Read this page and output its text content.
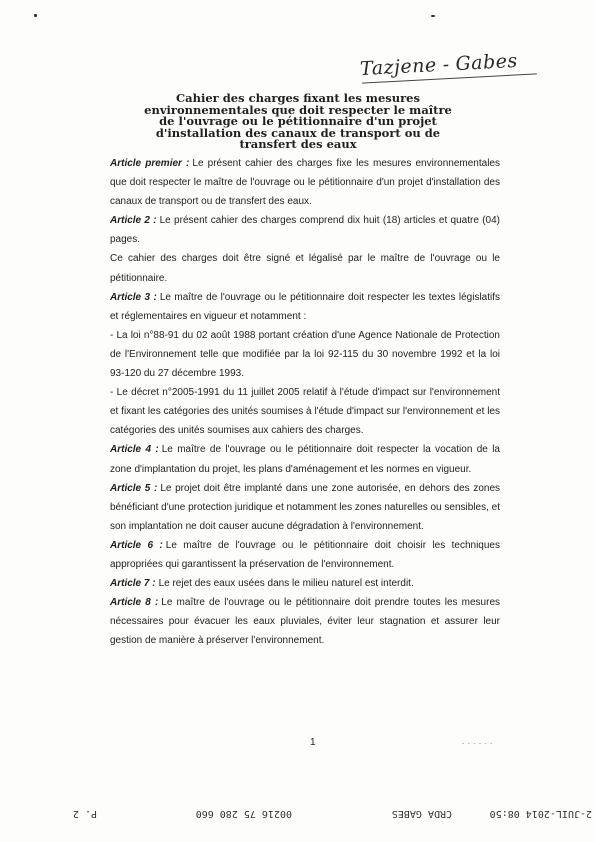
Tazjene - Gabes
Cahier des charges fixant les mesures
environnementales que doit respecter le maître
de l'ouvrage ou le pétitionnaire d'un projet
d'installation des canaux de transport ou de
transfert des eaux

Article premier : Le présent cahier des charges fixe les mesures environnementales que doit respecter le maître de l'ouvrage ou le pétitionnaire d'un projet d'installation des canaux de transport ou de transfert des eaux.

Article 2 : Le présent cahier des charges comprend dix huit (18) articles et quatre (04) pages.

Ce cahier des charges doit être signé et légalisé par le maître de l'ouvrage ou le pétitionnaire.

Article 3 : Le maître de l'ouvrage ou le pétitionnaire doit respecter les textes législatifs et réglementaires en vigueur et notamment :

- La loi n°88-91 du 02 août 1988 portant création d'une Agence Nationale de Protection de l'Environnement telle que modifiée par la loi 92-115 du 30 novembre 1992 et la loi 93-120 du 27 décembre 1993.

- Le décret n°2005-1991 du 11 juillet 2005 relatif à l'étude d'impact sur l'environnement et fixant les catégories des unités soumises à l'étude d'impact sur l'environnement et les catégories des unités soumises aux cahiers des charges.

Article 4 : Le maître de l'ouvrage ou le pétitionnaire doit respecter la vocation de la zone d'implantation du projet, les plans d'aménagement et les normes en vigueur.

Article 5 : Le projet doit être implanté dans une zone autorisée, en dehors des zones bénéficiant d'une protection juridique et notamment les zones naturelles ou sensibles, et son implantation ne doit causer aucune dégradation à l'environnement.

Article 6 : Le maître de l'ouvrage ou le pétitionnaire doit choisir les techniques appropriées qui garantissent la préservation de l'environnement.

Article 7 : Le rejet des eaux usées dans le milieu naturel est interdit.

Article 8 : Le maître de l'ouvrage ou le pétitionnaire doit prendre toutes les mesures nécessaires pour évacuer les eaux pluviales, éviter leur stagnation et assurer leur gestion de manière à préserver l'environnement.

1	- - - - - -
2-JUIL-2014 08:50
CRDA GABES
00216 75 280 660
P. 2
